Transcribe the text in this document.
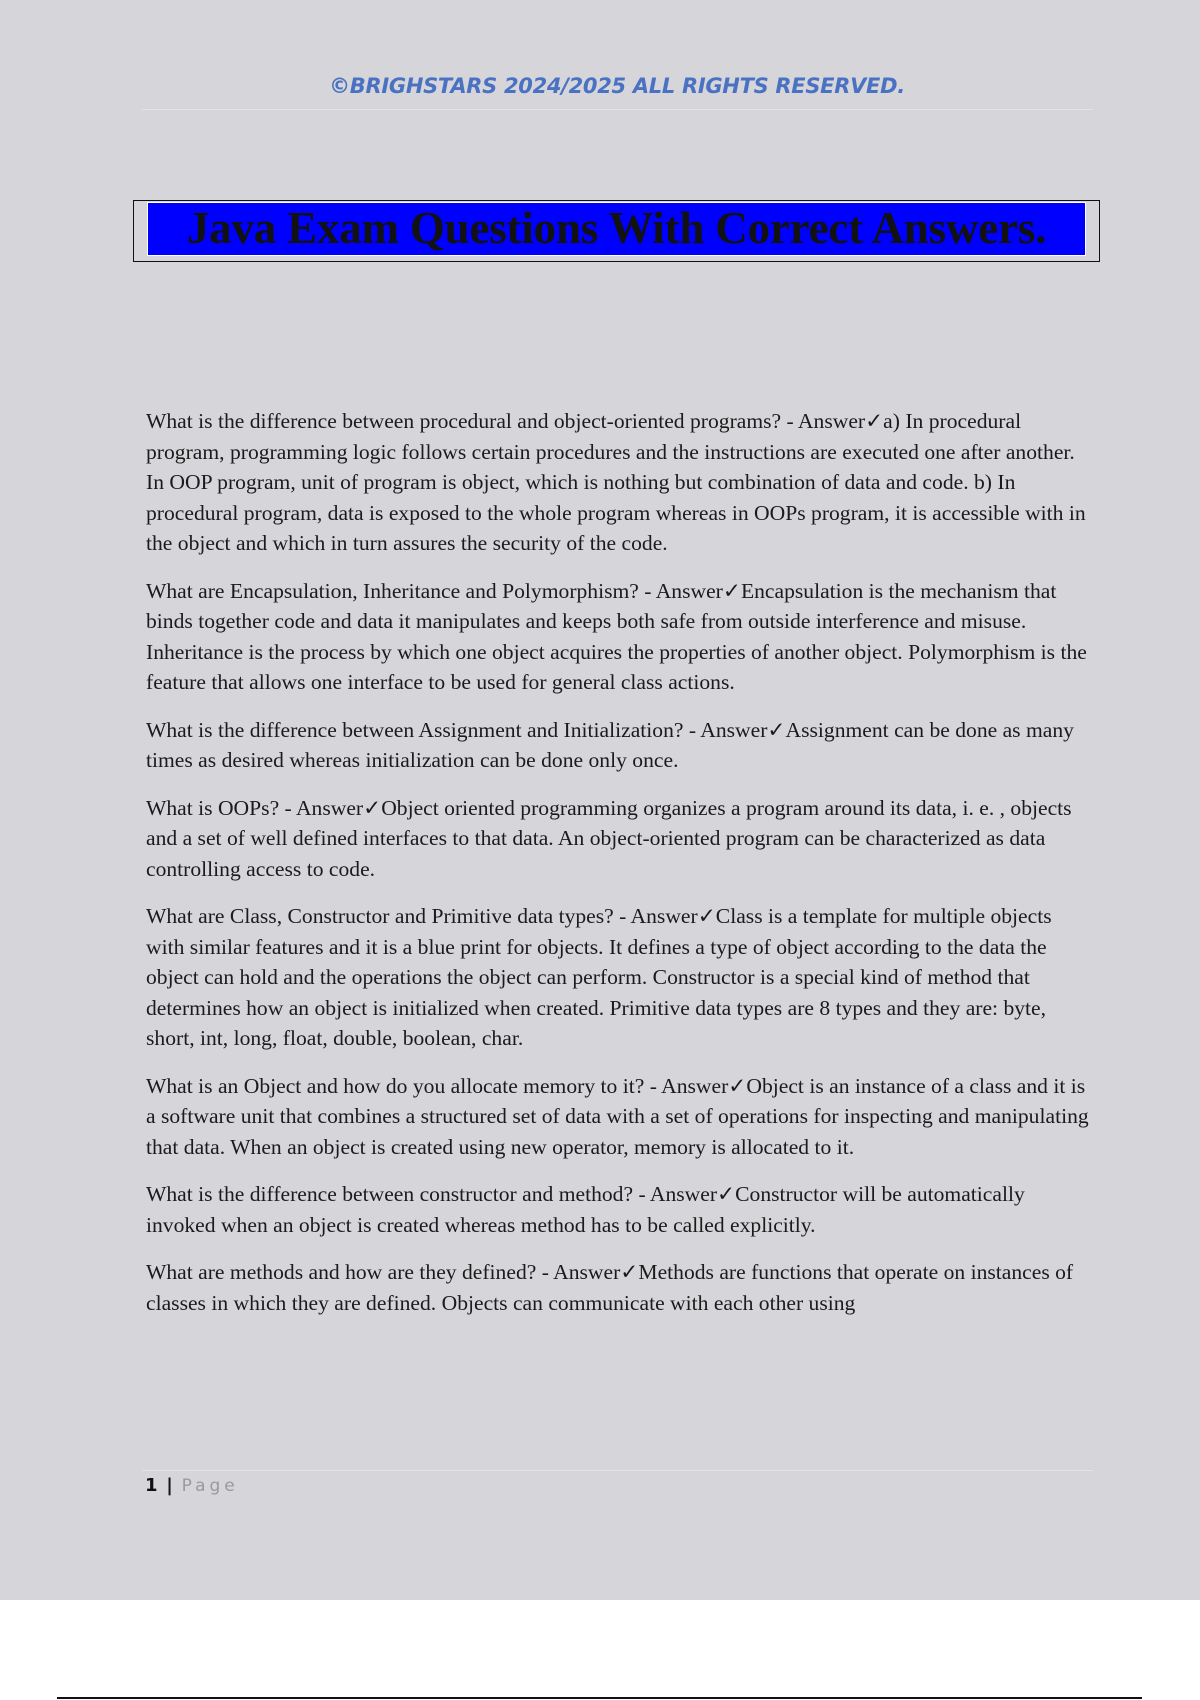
©BRIGHSTARS 2024/2025 ALL RIGHTS RESERVED.
Java Exam Questions With Correct Answers.

What is the difference between procedural and object-oriented programs? - Answer✓a) In procedural program, programming logic follows certain procedures and the instructions are executed one after another. In OOP program, unit of program is object, which is nothing but combination of data and code. b) In procedural program, data is exposed to the whole program whereas in OOPs program, it is accessible with in the object and which in turn assures the security of the code.

What are Encapsulation, Inheritance and Polymorphism? - Answer✓Encapsulation is the mechanism that binds together code and data it manipulates and keeps both safe from outside interference and misuse. Inheritance is the process by which one object acquires the properties of another object. Polymorphism is the feature that allows one interface to be used for general class actions.

What is the difference between Assignment and Initialization? - Answer✓Assignment can be done as many times as desired whereas initialization can be done only once.

What is OOPs? - Answer✓Object oriented programming organizes a program around its data, i. e. , objects and a set of well defined interfaces to that data. An object-oriented program can be characterized as data controlling access to code.

What are Class, Constructor and Primitive data types? - Answer✓Class is a template for multiple objects with similar features and it is a blue print for objects. It defines a type of object according to the data the object can hold and the operations the object can perform. Constructor is a special kind of method that determines how an object is initialized when created. Primitive data types are 8 types and they are: byte, short, int, long, float, double, boolean, char.

What is an Object and how do you allocate memory to it? - Answer✓Object is an instance of a class and it is a software unit that combines a structured set of data with a set of operations for inspecting and manipulating that data. When an object is created using new operator, memory is allocated to it.

What is the difference between constructor and method? - Answer✓Constructor will be automatically invoked when an object is created whereas method has to be called explicitly.

What are methods and how are they defined? - Answer✓Methods are functions that operate on instances of classes in which they are defined. Objects can communicate with each other using

1 | Page
